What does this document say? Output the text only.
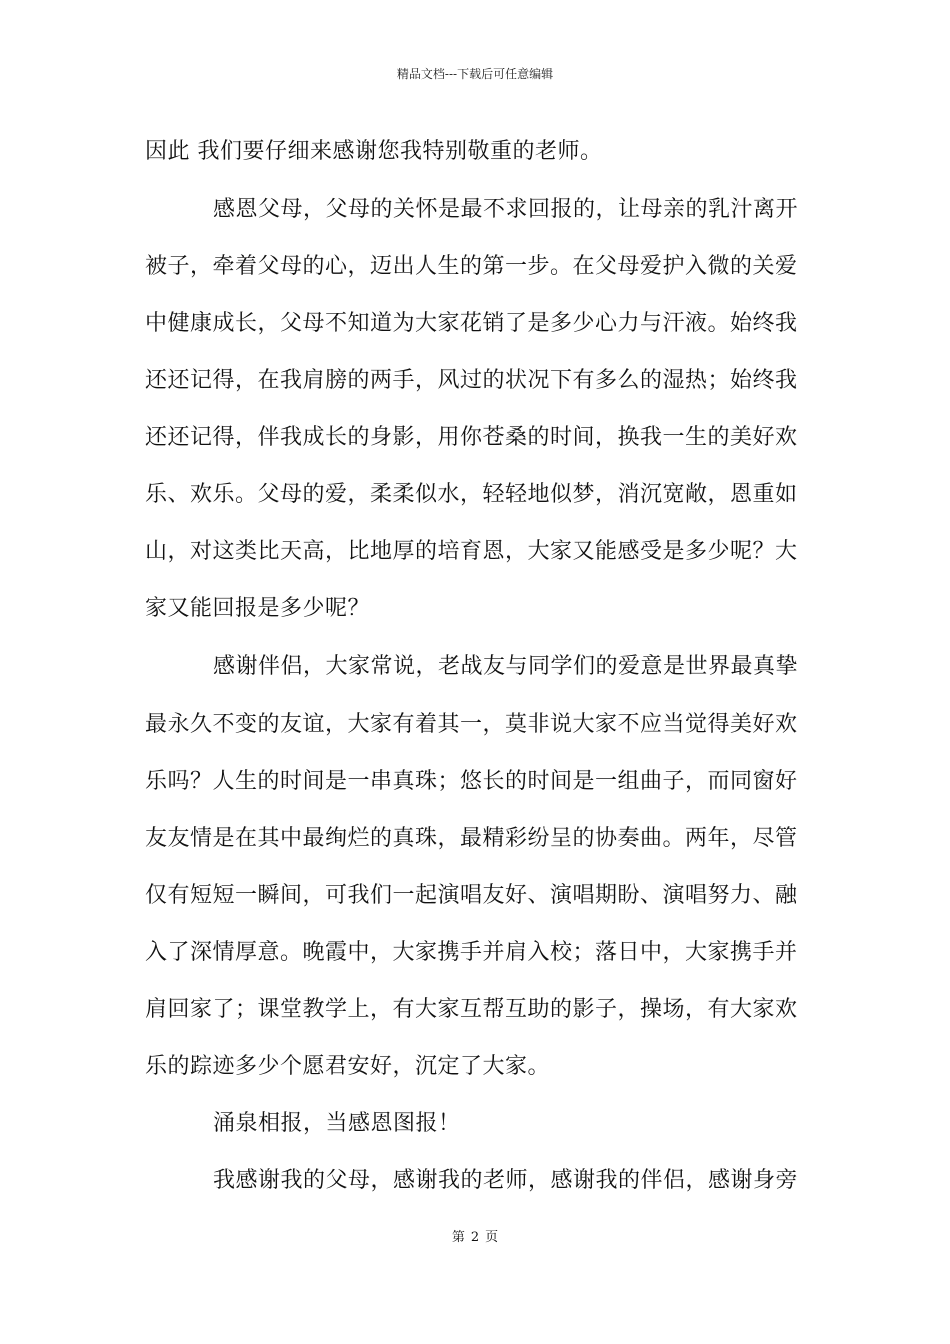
精品文档---下载后可任意编辑
因此 我们要仔细来感谢您我特别敬重的老师。
感恩父母，父母的关怀是最不求回报的，让母亲的乳汁离开
被子，牵着父母的心，迈出人生的第一步。在父母爱护入微的关爱
中健康成长，父母不知道为大家花销了是多少心力与汗液。始终我
还还记得，在我肩膀的两手，风过的状况下有多么的湿热；始终我
还还记得，伴我成长的身影，用你苍桑的时间，换我一生的美好欢
乐、欢乐。父母的爱，柔柔似水，轻轻地似梦，消沉宽敞，恩重如
山，对这类比天高，比地厚的培育恩，大家又能感受是多少呢？大
家又能回报是多少呢？
感谢伴侣，大家常说，老战友与同学们的爱意是世界最真挚
最永久不变的友谊，大家有着其一，莫非说大家不应当觉得美好欢
乐吗？人生的时间是一串真珠；悠长的时间是一组曲子，而同窗好
友友情是在其中最绚烂的真珠，最精彩纷呈的协奏曲。两年，尽管
仅有短短一瞬间，可我们一起演唱友好、演唱期盼、演唱努力、融
入了深情厚意。晚霞中，大家携手并肩入校；落日中，大家携手并
肩回家了；课堂教学上，有大家互帮互助的影子，操场，有大家欢
乐的踪迹多少个愿君安好，沉定了大家。
涌泉相报，当感恩图报！
我感谢我的父母，感谢我的老师，感谢我的伴侣，感谢身旁
第 2 页
